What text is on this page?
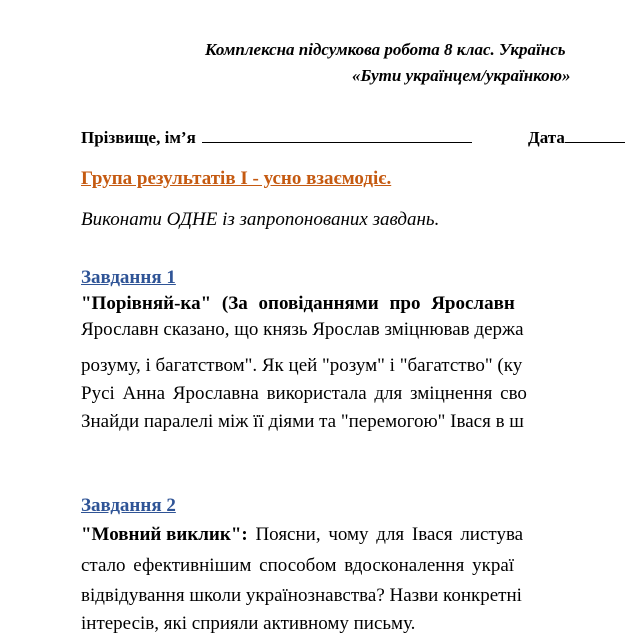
Комплексна підсумкова робота 8 клас. Українсь
«Бути українцем/українкою»
Прізвище, ім’я	Дата
Група результатів І - усно взаємодіє.
Виконати ОДНЕ із запропонованих завдань.
Завдання 1
"Порівняй-ка" (За оповіданнями про Ярославн
Ярославн сказано, що князь Ярослав зміцнював держа
розуму, і багатством". Як цей "розум" і "багатство" (ку
Русі Анна Ярославна використала для зміцнення сво
Знайди паралелі між її діями та "перемогою" Івася в ш
Завдання 2
"Мовний виклик": Поясни, чому для Івася листува
стало ефективнішим способом вдосконалення украї
відвідування школи українознавства? Назви конкретні
інтересів, які сприяли активному письму.
